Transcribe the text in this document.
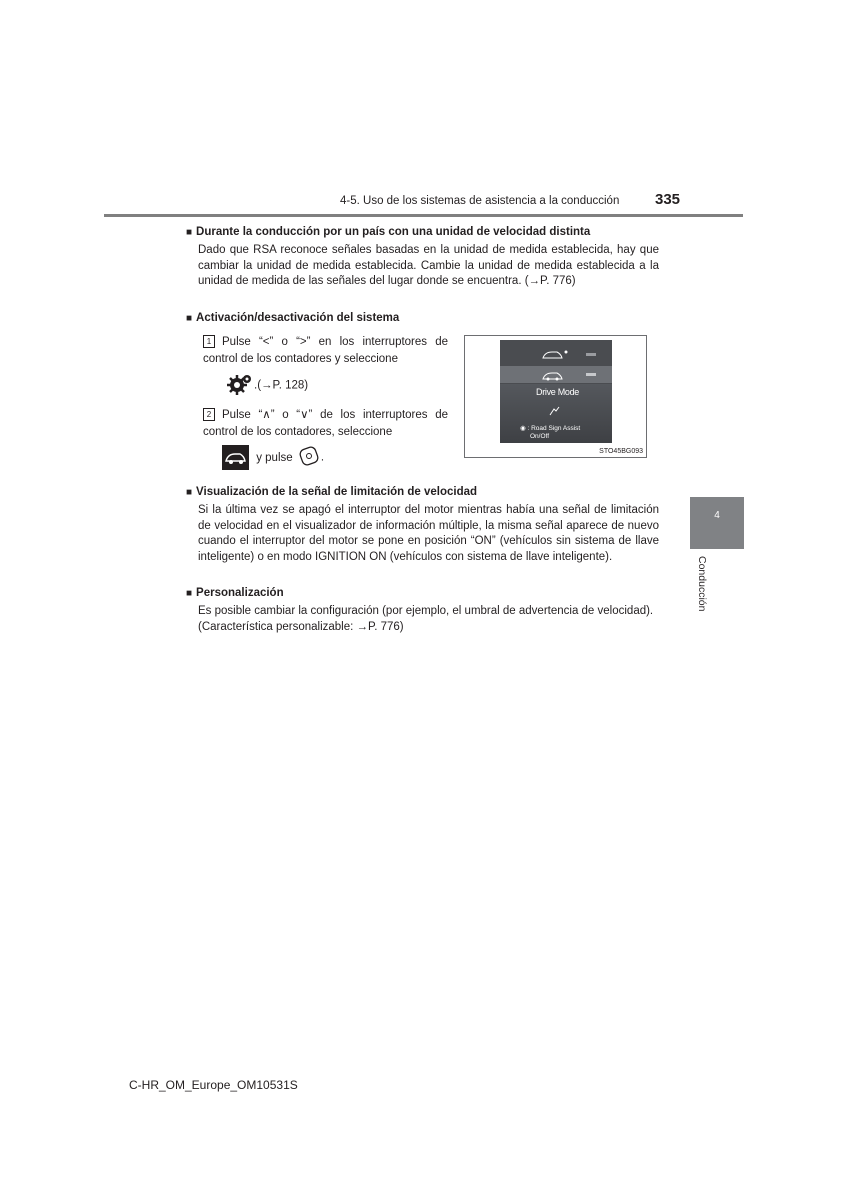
4-5. Uso de los sistemas de asistencia a la conducción 335
■ Durante la conducción por un país con una unidad de velocidad distinta
Dado que RSA reconoce señales basadas en la unidad de medida establecida, hay que cambiar la unidad de medida establecida. Cambie la unidad de medida establecida a la unidad de medida de las señales del lugar donde se encuentra. (→P. 776)
■ Activación/desactivación del sistema
1 Pulse “<” o “>” en los interruptores de control de los contadores y seleccione
.(→P. 128)
2 Pulse “∧” o “∨” de los interruptores de control de los contadores, seleccione
y pulse .
Drive Mode
◉ : Road Sign Assist
On/Off
STO45BG093
■ Visualización de la señal de limitación de velocidad
Si la última vez se apagó el interruptor del motor mientras había una señal de limitación de velocidad en el visualizador de información múltiple, la misma señal aparece de nuevo cuando el interruptor del motor se pone en posición “ON” (vehículos sin sistema de llave inteligente) o en modo IGNITION ON (vehículos con sistema de llave inteligente).
■ Personalización
Es posible cambiar la configuración (por ejemplo, el umbral de advertencia de velocidad).
(Característica personalizable: →P. 776)
4
Conducción
C-HR_OM_Europe_OM10531S
